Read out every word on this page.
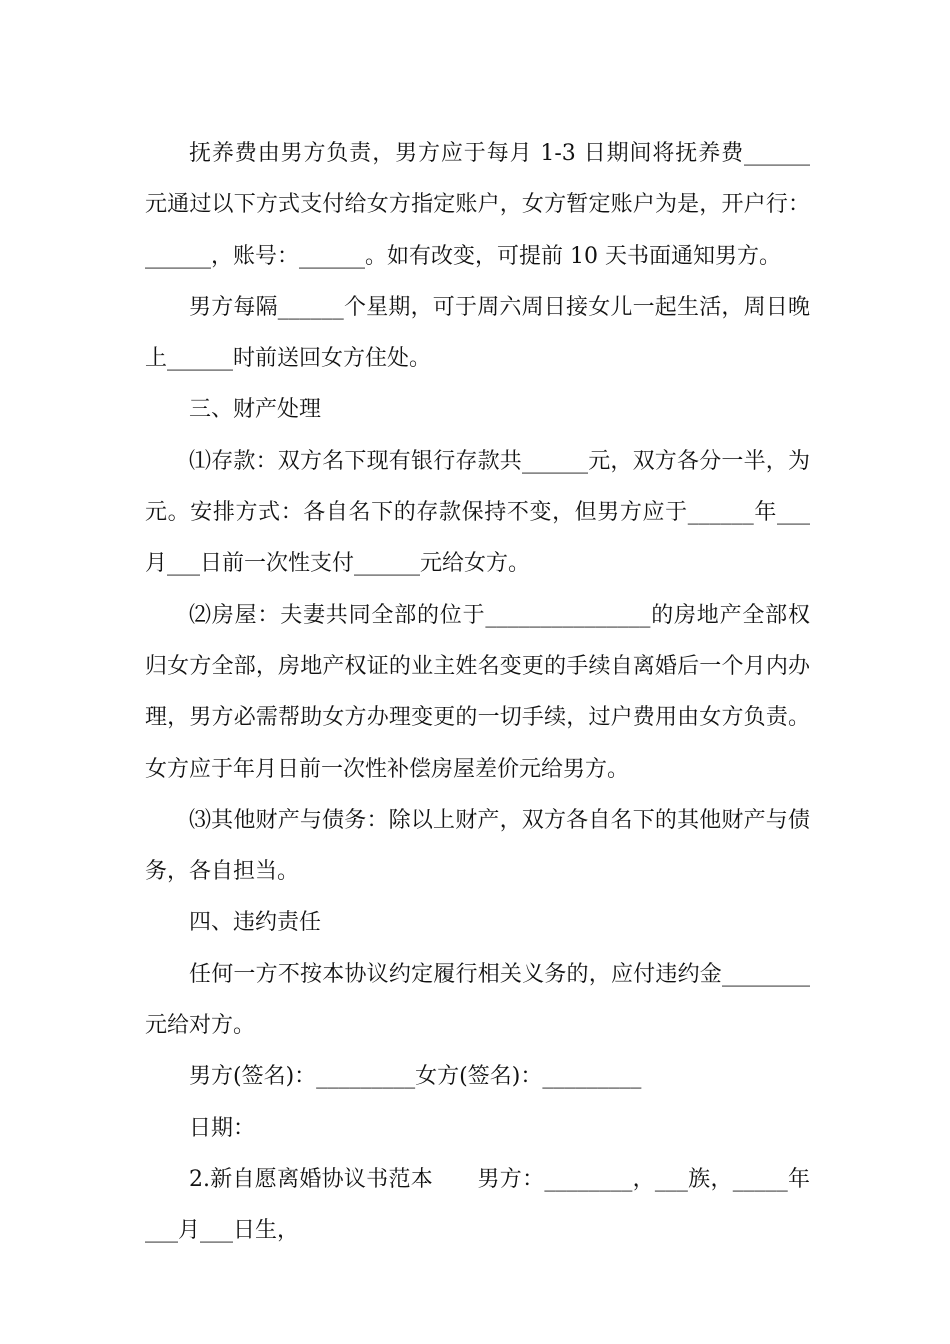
抚养费由男方负责，男方应于每月 1-3 日期间将抚养费______元通过以下方式支付给女方指定账户，女方暂定账户为是，开户行：______，账号：______。如有改变，可提前 10 天书面通知男方。

男方每隔______个星期，可于周六周日接女儿一起生活，周日晚上______时前送回女方住处。

三、财产处理

⑴存款：双方名下现有银行存款共______元，双方各分一半，为元。安排方式：各自名下的存款保持不变，但男方应于______年___月___日前一次性支付______元给女方。

⑵房屋：夫妻共同全部的位于_______________的房地产全部权归女方全部，房地产权证的业主姓名变更的手续自离婚后一个月内办理，男方必需帮助女方办理变更的一切手续，过户费用由女方负责。女方应于年月日前一次性补偿房屋差价元给男方。

⑶其他财产与债务：除以上财产，双方各自名下的其他财产与债务，各自担当。

四、违约责任

任何一方不按本协议约定履行相关义务的，应付违约金________元给对方。

男方(签名)：_________女方(签名)：_________

日期：

2.新自愿离婚协议书范本　　男方：________，___族，_____年___月___日生，
